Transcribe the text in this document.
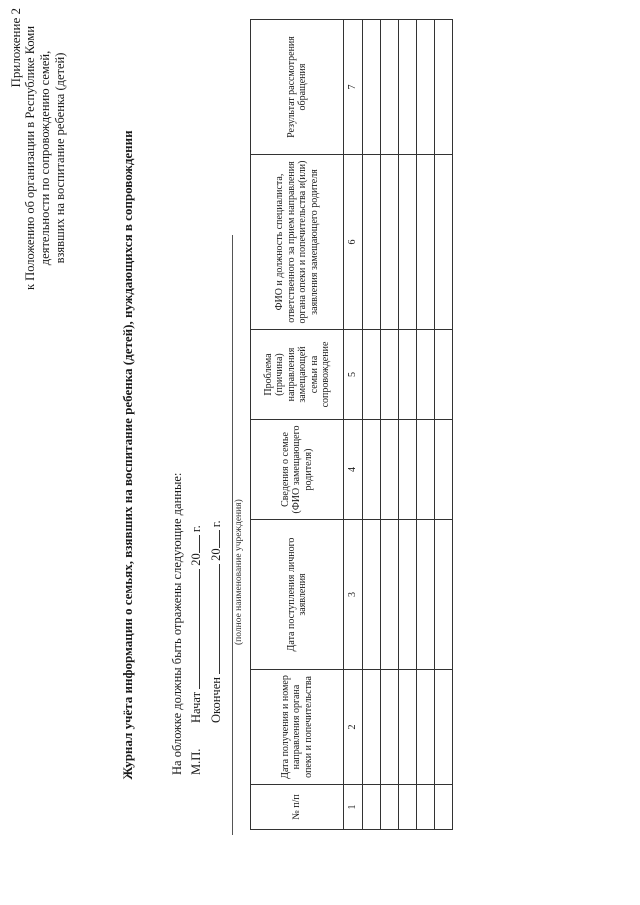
Приложение 2 к Положению об организации в Республике Коми
деятельности по сопровождению семей,
взявших на воспитание ребенка (детей)	Журнал учёта информации о семьях, взявших на воспитание ребенка (детей), нуждающихся в сопровождении	На обложке должны быть отражены следующие данные: М.П.Начат  20 г.
Окончен  20 г.	(полное наименование учреждения)
№ п/п	Дата получения и номер направления органа опеки и попечительства	Дата поступления личного заявления	Сведения о семье (ФИО замещающего родителя)	Проблема (причина) направления замещающей семьи на сопровождение	ФИО и должность специалиста, ответственного за прием направления органа опеки и попечительства и(или) заявления замещающего родителя	Результат рассмотрения обращения
1	2	3	4	5	6	7
